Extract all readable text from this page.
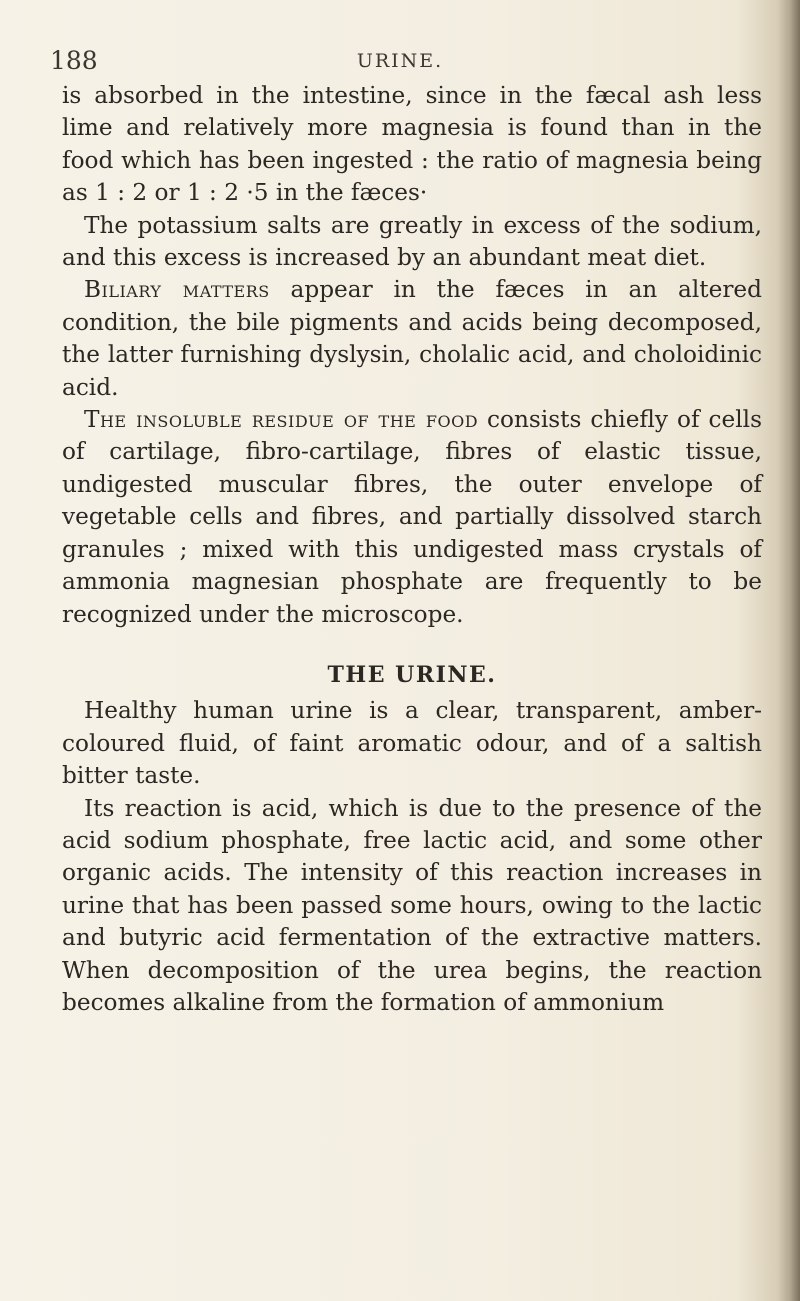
188	URINE.

is absorbed in the intestine, since in the fæcal ash less lime and relatively more magnesia is found than in the food which has been ingested : the ratio of magnesia being as 1 : 2 or 1 : 2 ·5 in the fæces·

The potassium salts are greatly in excess of the sodium, and this excess is increased by an abundant meat diet.

Biliary matters appear in the fæces in an altered condition, the bile pigments and acids being decomposed, the latter furnishing dyslysin, cholalic acid, and choloidinic acid.

The insoluble residue of the food consists chiefly of cells of cartilage, fibro-cartilage, fibres of elastic tissue, undigested muscular fibres, the outer envelope of vegetable cells and fibres, and partially dissolved starch granules ; mixed with this undigested mass crystals of ammonia magnesian phosphate are frequently to be recognized under the microscope.

THE URINE.

Healthy human urine is a clear, transparent, amber-coloured fluid, of faint aromatic odour, and of a saltish bitter taste.

Its reaction is acid, which is due to the presence of the acid sodium phosphate, free lactic acid, and some other organic acids. The intensity of this reaction increases in urine that has been passed some hours, owing to the lactic and butyric acid fermentation of the extractive matters. When decomposition of the urea begins, the reaction becomes alkaline from the formation of ammonium
